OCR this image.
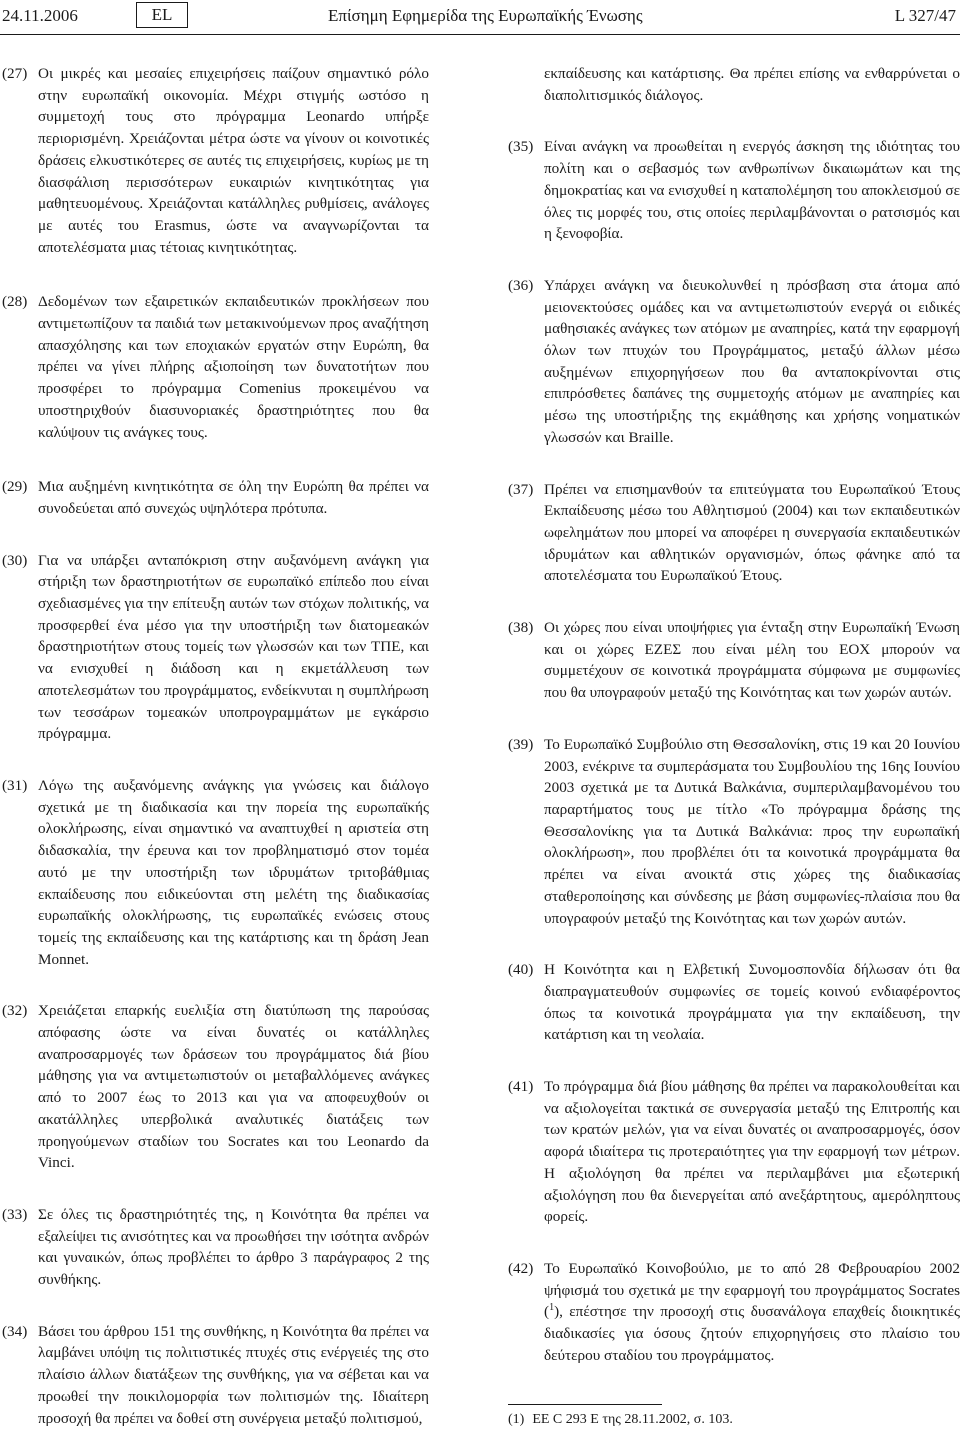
24.11.2006	EL	Επίσημη Εφημερίδα της Ευρωπαϊκής Ένωσης	L 327/47
(27) Οι μικρές και μεσαίες επιχειρήσεις παίζουν σημαντικό ρόλο στην ευρωπαϊκή οικονομία. Μέχρι στιγμής ωστόσο η συμμετοχή τους στο πρόγραμμα Leonardo υπήρξε περιορισμένη. Χρειάζονται μέτρα ώστε να γίνουν οι κοινοτικές δράσεις ελκυστικότερες σε αυτές τις επιχειρήσεις, κυρίως με τη διασφάλιση περισσότερων ευκαιριών κινητικότητας για μαθητευομένους. Χρειάζονται κατάλληλες ρυθμίσεις, ανάλογες με αυτές του Erasmus, ώστε να αναγνωρίζονται τα αποτελέσματα μιας τέτοιας κινητικότητας.
(28) Δεδομένων των εξαιρετικών εκπαιδευτικών προκλήσεων που αντιμετωπίζουν τα παιδιά των μετακινούμενων προς αναζήτηση απασχόλησης και των εποχιακών εργατών στην Ευρώπη, θα πρέπει να γίνει πλήρης αξιοποίηση των δυνατοτήτων που προσφέρει το πρόγραμμα Comenius προκειμένου να υποστηριχθούν διασυνοριακές δραστηριότητες που θα καλύψουν τις ανάγκες τους.
(29) Μια αυξημένη κινητικότητα σε όλη την Ευρώπη θα πρέπει να συνοδεύεται από συνεχώς υψηλότερα πρότυπα.
(30) Για να υπάρξει ανταπόκριση στην αυξανόμενη ανάγκη για στήριξη των δραστηριοτήτων σε ευρωπαϊκό επίπεδο που είναι σχεδιασμένες για την επίτευξη αυτών των στόχων πολιτικής, να προσφερθεί ένα μέσο για την υποστήριξη των διατομεακών δραστηριοτήτων στους τομείς των γλωσσών και των ΤΠΕ, και να ενισχυθεί η διάδοση και η εκμετάλλευση των αποτελεσμάτων του προγράμματος, ενδείκνυται η συμπλήρωση των τεσσάρων τομεακών υποπρογραμμάτων με εγκάρσιο πρόγραμμα.
(31) Λόγω της αυξανόμενης ανάγκης για γνώσεις και διάλογο σχετικά με τη διαδικασία και την πορεία της ευρωπαϊκής ολοκλήρωσης, είναι σημαντικό να αναπτυχθεί η αριστεία στη διδασκαλία, την έρευνα και τον προβληματισμό στον τομέα αυτό με την υποστήριξη των ιδρυμάτων τριτοβάθμιας εκπαίδευσης που ειδικεύονται στη μελέτη της διαδικασίας ευρωπαϊκής ολοκλήρωσης, τις ευρωπαϊκές ενώσεις στους τομείς της εκπαίδευσης και της κατάρτισης και τη δράση Jean Monnet.
(32) Χρειάζεται επαρκής ευελιξία στη διατύπωση της παρούσας απόφασης ώστε να είναι δυνατές οι κατάλληλες αναπροσαρμογές των δράσεων του προγράμματος διά βίου μάθησης για να αντιμετωπιστούν οι μεταβαλλόμενες ανάγκες από το 2007 έως το 2013 και για να αποφευχθούν οι ακατάλληλες υπερβολικά αναλυτικές διατάξεις των προηγούμενων σταδίων του Socrates και του Leonardo da Vinci.
(33) Σε όλες τις δραστηριότητές της, η Κοινότητα θα πρέπει να εξαλείψει τις ανισότητες και να προωθήσει την ισότητα ανδρών και γυναικών, όπως προβλέπει το άρθρο 3 παράγραφος 2 της συνθήκης.
(34) Βάσει του άρθρου 151 της συνθήκης, η Κοινότητα θα πρέπει να λαμβάνει υπόψη τις πολιτιστικές πτυχές στις ενέργειές της στο πλαίσιο άλλων διατάξεων της συνθήκης, για να σέβεται και να προωθεί την ποικιλομορφία των πολιτισμών της. Ιδιαίτερη προσοχή θα πρέπει να δοθεί στη συνέργεια μεταξύ πολιτισμού,
εκπαίδευσης και κατάρτισης. Θα πρέπει επίσης να ενθαρρύνεται ο διαπολιτισμικός διάλογος.
(35) Είναι ανάγκη να προωθείται η ενεργός άσκηση της ιδιότητας του πολίτη και ο σεβασμός των ανθρωπίνων δικαιωμάτων και της δημοκρατίας και να ενισχυθεί η καταπολέμηση του αποκλεισμού σε όλες τις μορφές του, στις οποίες περιλαμβάνονται ο ρατσισμός και η ξενοφοβία.
(36) Υπάρχει ανάγκη να διευκολυνθεί η πρόσβαση στα άτομα από μειονεκτούσες ομάδες και να αντιμετωπιστούν ενεργά οι ειδικές μαθησιακές ανάγκες των ατόμων με αναπηρίες, κατά την εφαρμογή όλων των πτυχών του Προγράμματος, μεταξύ άλλων μέσω αυξημένων επιχορηγήσεων που θα ανταποκρίνονται στις επιπρόσθετες δαπάνες της συμμετοχής ατόμων με αναπηρίες και μέσω της υποστήριξης της εκμάθησης και χρήσης νοηματικών γλωσσών και Braille.
(37) Πρέπει να επισημανθούν τα επιτεύγματα του Ευρωπαϊκού Έτους Εκπαίδευσης μέσω του Αθλητισμού (2004) και των εκπαιδευτικών ωφελημάτων που μπορεί να αποφέρει η συνεργασία εκπαιδευτικών ιδρυμάτων και αθλητικών οργανισμών, όπως φάνηκε από τα αποτελέσματα του Ευρωπαϊκού Έτους.
(38) Οι χώρες που είναι υποψήφιες για ένταξη στην Ευρωπαϊκή Ένωση και οι χώρες ΕΖΕΣ που είναι μέλη του ΕΟΧ μπορούν να συμμετέχουν σε κοινοτικά προγράμματα σύμφωνα με συμφωνίες που θα υπογραφούν μεταξύ της Κοινότητας και των χωρών αυτών.
(39) Το Ευρωπαϊκό Συμβούλιο στη Θεσσαλονίκη, στις 19 και 20 Ιουνίου 2003, ενέκρινε τα συμπεράσματα του Συμβουλίου της 16ης Ιουνίου 2003 σχετικά με τα Δυτικά Βαλκάνια, συμπεριλαμβανομένου του παραρτήματος τους με τίτλο «Το πρόγραμμα δράσης της Θεσσαλονίκης για τα Δυτικά Βαλκάνια: προς την ευρωπαϊκή ολοκλήρωση», που προβλέπει ότι τα κοινοτικά προγράμματα θα πρέπει να είναι ανοικτά στις χώρες της διαδικασίας σταθεροποίησης και σύνδεσης με βάση συμφωνίες-πλαίσια που θα υπογραφούν μεταξύ της Κοινότητας και των χωρών αυτών.
(40) Η Κοινότητα και η Ελβετική Συνομοσπονδία δήλωσαν ότι θα διαπραγματευθούν συμφωνίες σε τομείς κοινού ενδιαφέροντος όπως τα κοινοτικά προγράμματα για την εκπαίδευση, την κατάρτιση και τη νεολαία.
(41) Το πρόγραμμα διά βίου μάθησης θα πρέπει να παρακολουθείται και να αξιολογείται τακτικά σε συνεργασία μεταξύ της Επιτροπής και των κρατών μελών, για να είναι δυνατές οι αναπροσαρμογές, όσον αφορά ιδιαίτερα τις προτεραιότητες για την εφαρμογή των μέτρων. Η αξιολόγηση θα πρέπει να περιλαμβάνει μια εξωτερική αξιολόγηση που θα διενεργείται από ανεξάρτητους, αμερόληπτους φορείς.
(42) Το Ευρωπαϊκό Κοινοβούλιο, με το από 28 Φεβρουαρίου 2002 ψήφισμά του σχετικά με την εφαρμογή του προγράμματος Socrates ($^1$), επέστησε την προσοχή στις δυσανάλογα επαχθείς διοικητικές διαδικασίες για όσους ζητούν επιχορηγήσεις στο πλαίσιο του δεύτερου σταδίου του προγράμματος.
(1) ΕΕ C 293 Ε της 28.11.2002, σ. 103.
